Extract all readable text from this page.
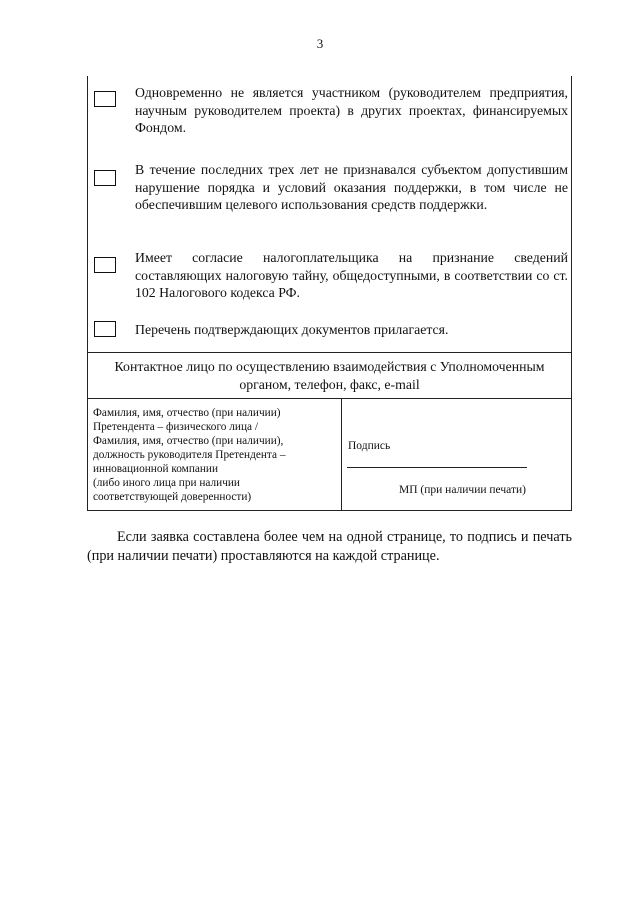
3
Одновременно не является участником (руководителем предприятия, научным руководителем проекта) в других проектах, финансируемых Фондом.
В течение последних трех лет не признавался субъектом допустившим нарушение порядка и условий оказания поддержки, в том числе не обеспечившим целевого использования средств поддержки.
Имеет согласие налогоплательщика на признание сведений составляющих налоговую тайну, общедоступными, в соответствии со ст. 102 Налогового кодекса РФ.
Перечень подтверждающих документов прилагается.
Контактное лицо по осуществлению взаимодействия с Уполномоченным органом, телефон, факс, e-mail
Фамилия, имя, отчество (при наличии)
Претендента – физического лица /
Фамилия, имя, отчество (при наличии),
должность руководителя Претендента –
инновационной компании
(либо иного лица при наличии
соответствующей доверенности)
Подпись
МП (при наличии печати)
Если заявка составлена более чем на одной странице, то подпись и печать (при наличии печати) проставляются на каждой странице.
